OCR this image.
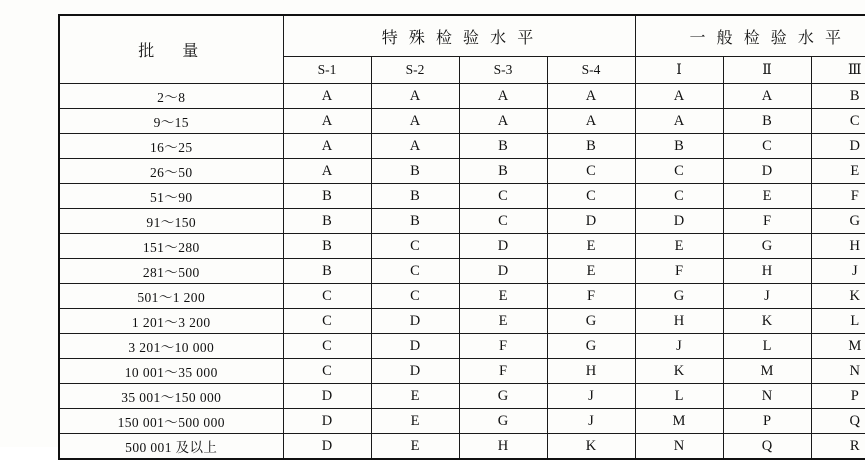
批　量	特 殊 检 验 水 平				一 般 检 验 水 平		
	S-1	S-2	S-3	S-4	Ⅰ	Ⅱ	Ⅲ
2～8	A	A	A	A	A	A	B
9～15	A	A	A	A	A	B	C
16～25	A	A	B	B	B	C	D
26～50	A	B	B	C	C	D	E
51～90	B	B	C	C	C	E	F
91～150	B	B	C	D	D	F	G
151～280	B	C	D	E	E	G	H
281～500	B	C	D	E	F	H	J
501～1 200	C	C	E	F	G	J	K
1 201～3 200	C	D	E	G	H	K	L
3 201～10 000	C	D	F	G	J	L	M
10 001～35 000	C	D	F	H	K	M	N
35 001～150 000	D	E	G	J	L	N	P
150 001～500 000	D	E	G	J	M	P	Q
500 001 及以上	D	E	H	K	N	Q	R
